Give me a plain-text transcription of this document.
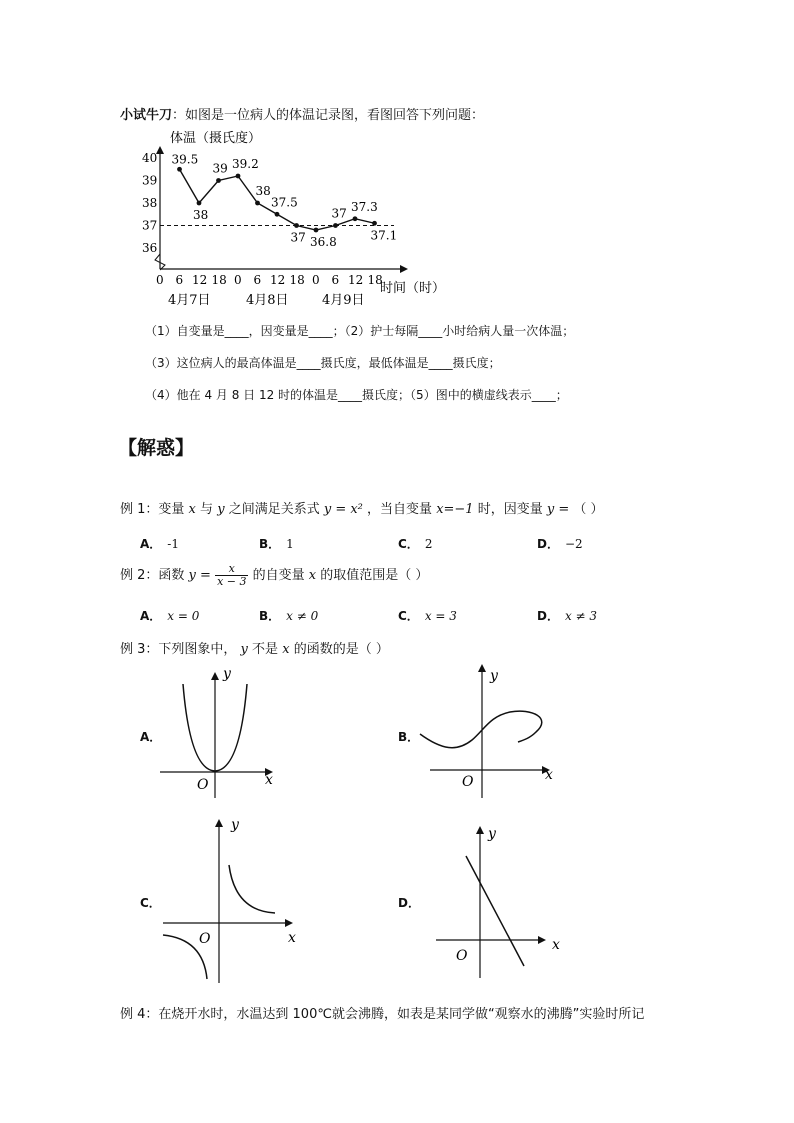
小试牛刀：如图是一位病人的体温记录图，看图回答下列问题：
体温（摄氏度）
40
39
38
37
36
0 6 12 18 0 6 12 18 0 6 12 18
4月7日	4月8日	4月9日
39.5
38
39 39.2
38
37.5
37 36.8
37 37.3
37.1
时间（时）
（1）自变量是____，因变量是____；（2）护士每隔____小时给病人量一次体温；
（3）这位病人的最高体温是____摄氏度，最低体温是____摄氏度；
（4）他在 4 月 8 日 12 时的体温是____摄氏度；（5）图中的横虚线表示____；
【解惑】
例 1：变量 x 与 y 之间满足关系式 y = x² ，当自变量 x=−1 时，因变量 y = （ ）
A． -1	B． 1	C． 2	D． −2
例 2：函数 $y = \frac{x}{x - 3}$ 的自变量 x 的取值范围是（ ）
A． x = 0	B． x ≠ 0	C． x = 3	D． x ≠ 3
例 3：下列图象中， y 不是 x 的函数的是（ ）
A．	B．
C．	D．
x
y
O
x
y
O
x
y
O	x
y
O
例 4：在烧开水时，水温达到 100℃就会沸腾，如表是某同学做“观察水的沸腾”实验时所记
